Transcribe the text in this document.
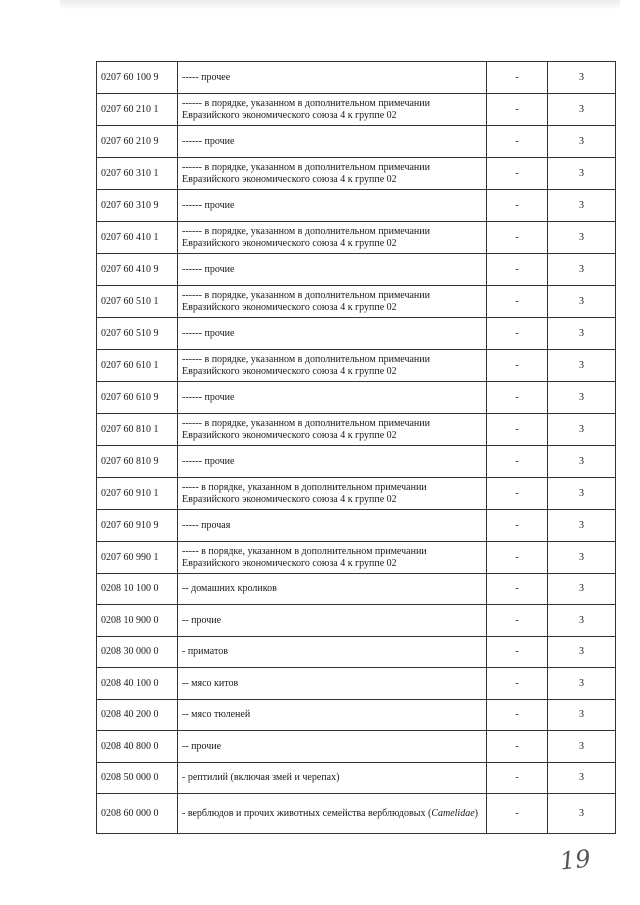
0207 60 100 9	----- прочее	-	3
0207 60 210 1	------ в порядке, указанном в дополнительном примечании Евразийского экономического союза 4 к группе 02	-	3
0207 60 210 9	------ прочие	-	3
0207 60 310 1	------ в порядке, указанном в дополнительном примечании Евразийского экономического союза 4 к группе 02	-	3
0207 60 310 9	------ прочие	-	3
0207 60 410 1	------ в порядке, указанном в дополнительном примечании Евразийского экономического союза 4 к группе 02	-	3
0207 60 410 9	------ прочие	-	3
0207 60 510 1	------ в порядке, указанном в дополнительном примечании Евразийского экономического союза 4 к группе 02	-	3
0207 60 510 9	------ прочие	-	3
0207 60 610 1	------ в порядке, указанном в дополнительном примечании Евразийского экономического союза 4 к группе 02	-	3
0207 60 610 9	------ прочие	-	3
0207 60 810 1	------ в порядке, указанном в дополнительном примечании Евразийского экономического союза 4 к группе 02	-	3
0207 60 810 9	------ прочие	-	3
0207 60 910 1	----- в порядке, указанном в дополнительном примечании Евразийского экономического союза 4 к группе 02	-	3
0207 60 910 9	----- прочая	-	3
0207 60 990 1	----- в порядке, указанном в дополнительном примечании Евразийского экономического союза 4 к группе 02	-	3
0208 10 100 0	-- домашних кроликов	-	3
0208 10 900 0	-- прочие	-	3
0208 30 000 0	- приматов	-	3
0208 40 100 0	-- мясо китов	-	3
0208 40 200 0	-- мясо тюленей	-	3
0208 40 800 0	-- прочие	-	3
0208 50 000 0	- рептилий (включая змей и черепах)	-	3
0208 60 000 0	- верблюдов и прочих животных семейства верблюдовых (Camelidae)	-	3
19
